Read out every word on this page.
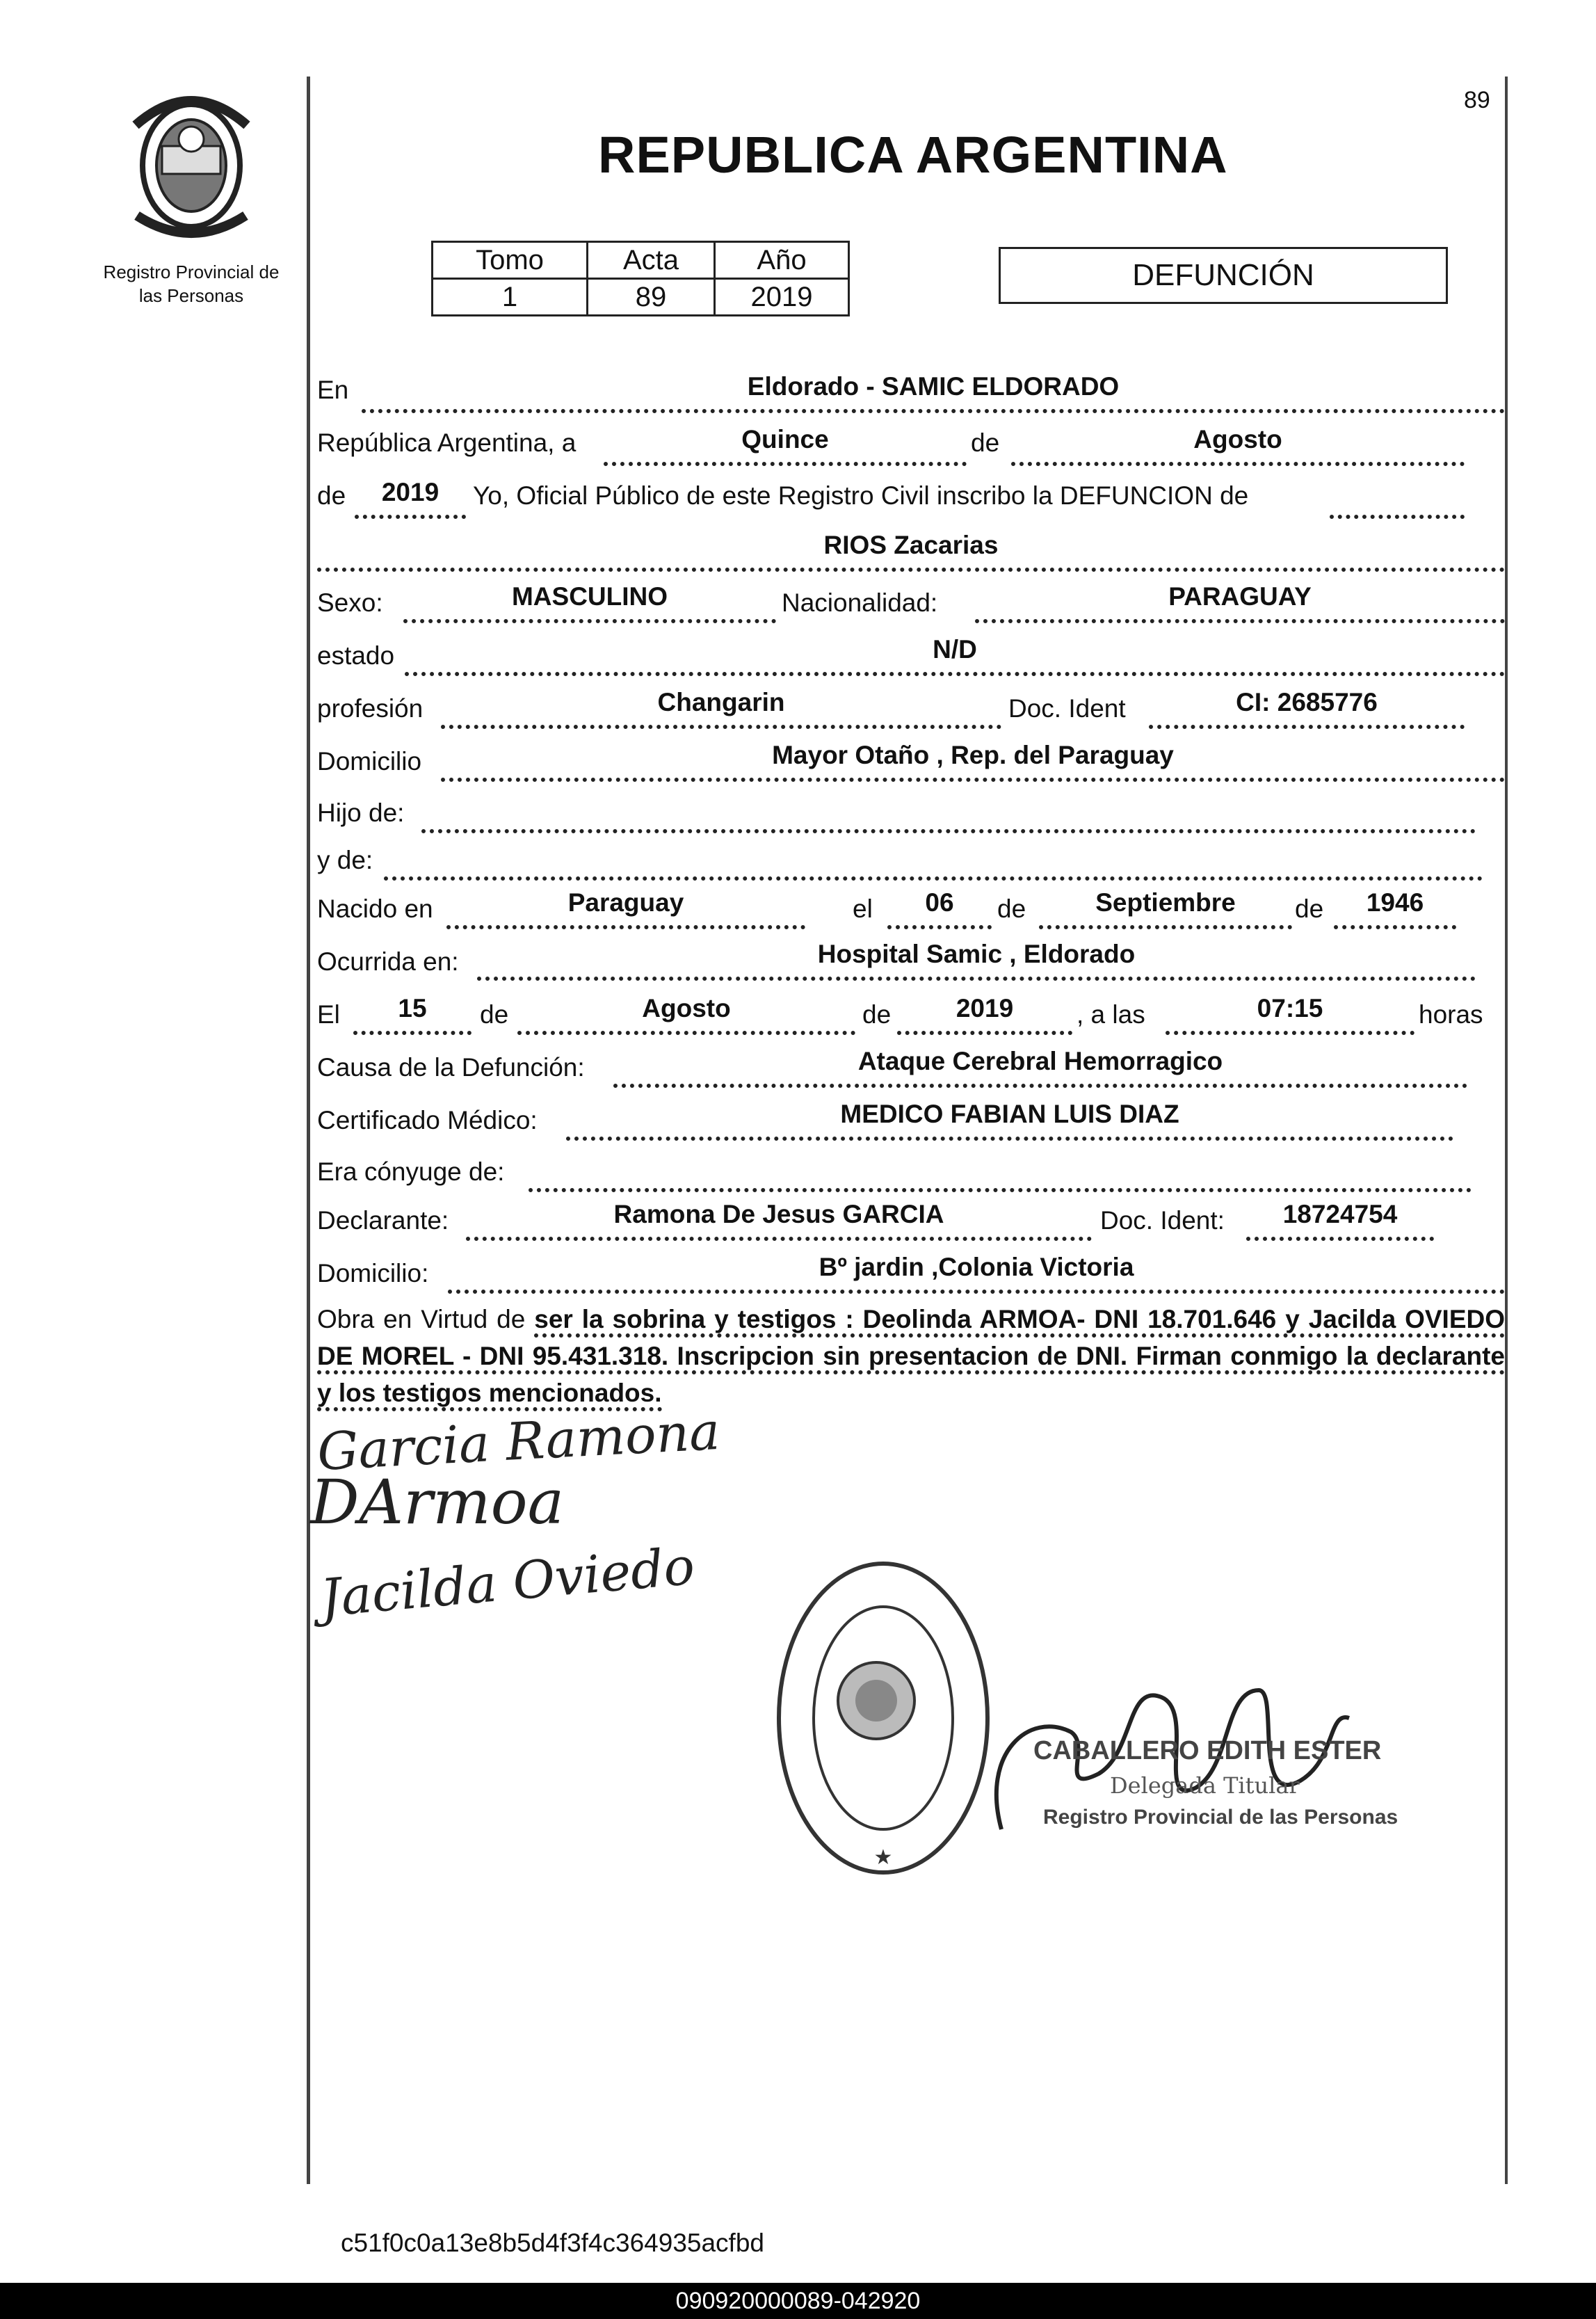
Registro Provincial de
las Personas
89
REPUBLICA ARGENTINA
Tomo	Acta	Año
1	89	2019
DEFUNCIÓN
En	Eldorado - SAMIC ELDORADO
República Argentina, a	Quince	de	Agosto
de	2019	Yo, Oficial Público de este Registro Civil inscribo la DEFUNCION de
RIOS Zacarias
Sexo:	MASCULINO	Nacionalidad:	PARAGUAY
estado	N/D
profesión	Changarin	Doc. Ident	CI: 2685776
Domicilio	Mayor Otaño , Rep. del Paraguay
Hijo de:
y de:
Nacido en	Paraguay	el	06	de	Septiembre	de	1946
Ocurrida en:	Hospital Samic , Eldorado
El	15	de	Agosto	de	2019	, a las	07:15	horas
Causa de la Defunción:	Ataque Cerebral Hemorragico
Certificado Médico:	MEDICO FABIAN LUIS DIAZ
Era cónyuge de:
Declarante:	Ramona De Jesus GARCIA	Doc. Ident:	18724754
Domicilio:	Bº jardin ,Colonia Victoria
Obra en Virtud de ser la sobrina y testigos : Deolinda ARMOA- DNI 18.701.646 y Jacilda OVIEDO DE MOREL - DNI 95.431.318. Inscripcion sin presentacion de DNI. Firman conmigo la declarante y los testigos mencionados.
Garcia Ramona
DArmoa
Jacilda Oviedo
★
CABALLERO EDITH ESTER
Delegada Titular
Registro Provincial de las Personas
c51f0c0a13e8b5d4f3f4c364935acfbd
090920000089-042920
